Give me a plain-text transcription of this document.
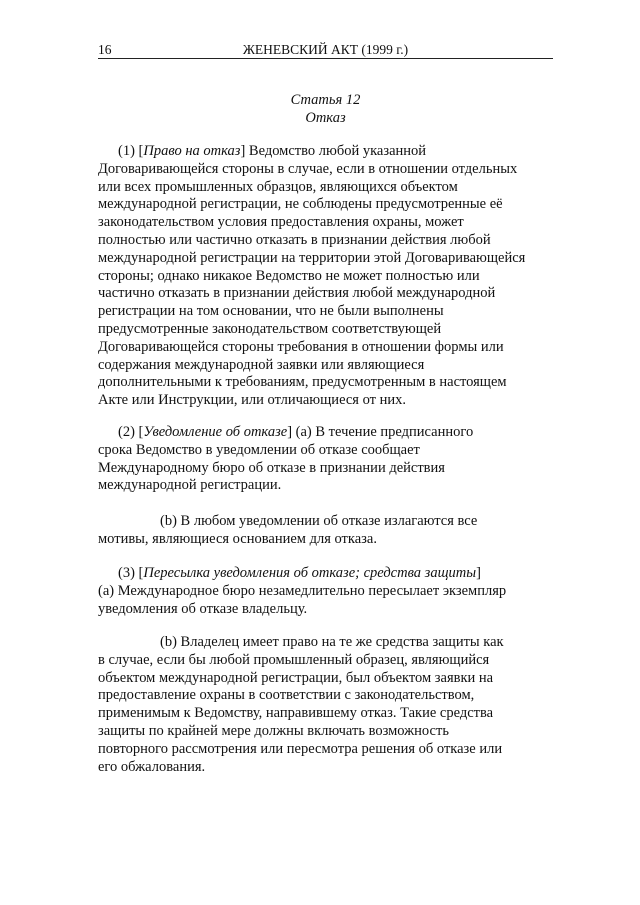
16	ЖЕНЕВСКИЙ АКТ (1999 г.)
Статья 12
Отказ
(1) [Право на отказ] Ведомство любой указанной
Договаривающейся стороны в случае, если в отношении отдельных
или всех промышленных образцов, являющихся объектом
международной регистрации, не соблюдены предусмотренные её
законодательством условия предоставления охраны, может
полностью или частично отказать в признании действия любой
международной регистрации на территории этой Договаривающейся
стороны; однако никакое Ведомство не может полностью или
частично отказать в признании действия любой международной
регистрации на том основании, что не были выполнены
предусмотренные законодательством соответствующей
Договаривающейся стороны требования в отношении формы или
содержания международной заявки или являющиеся
дополнительными к требованиям, предусмотренным в настоящем
Акте или Инструкции, или отличающиеся от них.
(2) [Уведомление об отказе] (a) В течение предписанного
срока Ведомство в уведомлении об отказе сообщает
Международному бюро об отказе в признании действия
международной регистрации.
(b) В любом уведомлении об отказе излагаются все
мотивы, являющиеся основанием для отказа.
(3) [Пересылка уведомления об отказе; средства защиты]
(a) Международное бюро незамедлительно пересылает экземпляр
уведомления об отказе владельцу.
(b) Владелец имеет право на те же средства защиты как
в случае, если бы любой промышленный образец, являющийся
объектом международной регистрации, был объектом заявки на
предоставление охраны в соответствии с законодательством,
применимым к Ведомству, направившему отказ. Такие средства
защиты по крайней мере должны включать возможность
повторного рассмотрения или пересмотра решения об отказе или
его обжалования.
